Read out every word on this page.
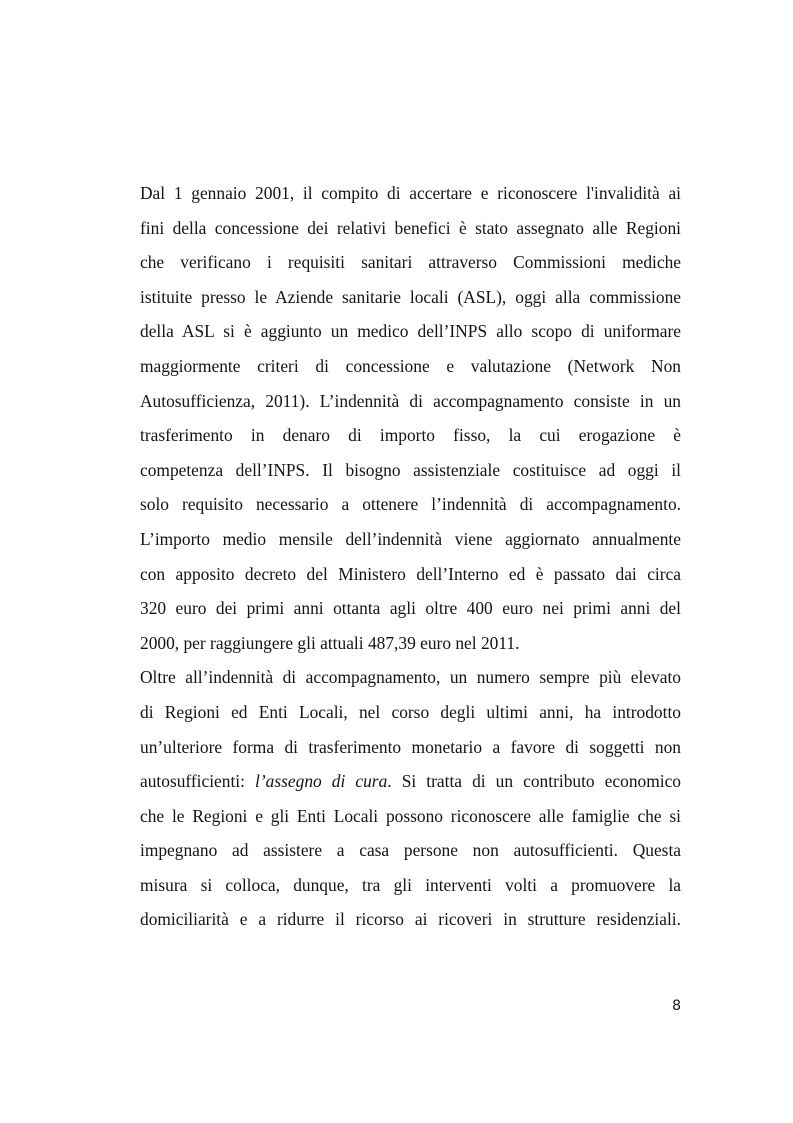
Dal 1 gennaio 2001, il compito di accertare e riconoscere l'invalidità ai
fini della concessione dei relativi benefici è stato assegnato alle Regioni
che verificano i requisiti sanitari attraverso Commissioni mediche
istituite presso le Aziende sanitarie locali (ASL), oggi alla commissione
della ASL si è aggiunto un medico dell’INPS allo scopo di uniformare
maggiormente criteri di concessione e valutazione (Network Non
Autosufficienza, 2011). L’indennità di accompagnamento consiste in un
trasferimento in denaro di importo fisso, la cui erogazione è
competenza dell’INPS. Il bisogno assistenziale costituisce ad oggi il
solo requisito necessario a ottenere l’indennità di accompagnamento.
L’importo medio mensile dell’indennità viene aggiornato annualmente
con apposito decreto del Ministero dell’Interno ed è passato dai circa
320 euro dei primi anni ottanta agli oltre 400 euro nei primi anni del
2000, per raggiungere gli attuali 487,39 euro nel 2011.
Oltre all’indennità di accompagnamento, un numero sempre più elevato
di Regioni ed Enti Locali, nel corso degli ultimi anni, ha introdotto
un’ulteriore forma di trasferimento monetario a favore di soggetti non
autosufficienti: l’assegno di cura. Si tratta di un contributo economico
che le Regioni e gli Enti Locali possono riconoscere alle famiglie che si
impegnano ad assistere a casa persone non autosufficienti. Questa
misura si colloca, dunque, tra gli interventi volti a promuovere la
domiciliarità e a ridurre il ricorso ai ricoveri in strutture residenziali.
8
